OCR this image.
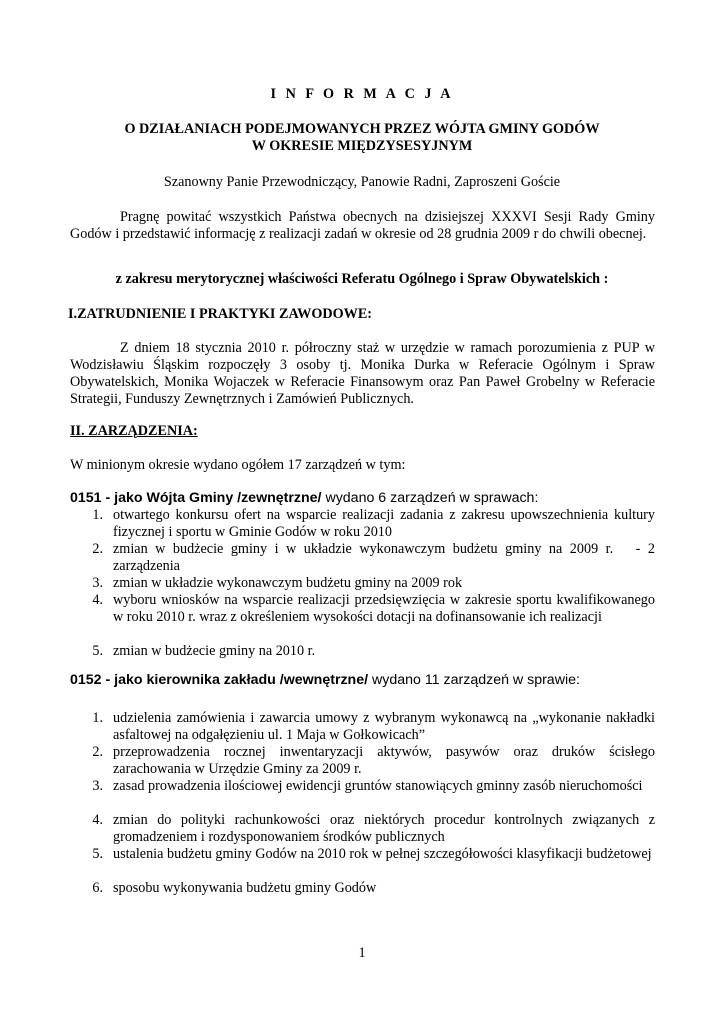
I N F O R M A C J A
O DZIAŁANIACH PODEJMOWANYCH PRZEZ WÓJTA GMINY GODÓW
W OKRESIE MIĘDZYSESYJNYM
Szanowny Panie Przewodniczący, Panowie Radni, Zaproszeni Goście
Pragnę powitać wszystkich Państwa obecnych na dzisiejszej XXXVI Sesji Rady Gminy Godów i przedstawić informację z realizacji zadań w okresie od 28 grudnia 2009 r do chwili obecnej.
z zakresu merytorycznej właściwości Referatu Ogólnego i Spraw Obywatelskich :
I.ZATRUDNIENIE I PRAKTYKI ZAWODOWE:
Z dniem 18 stycznia 2010 r. półroczny staż w urzędzie w ramach porozumienia z PUP w Wodzisławiu Śląskim rozpoczęły 3 osoby tj. Monika Durka w Referacie Ogólnym i Spraw Obywatelskich, Monika Wojaczek w Referacie Finansowym oraz Pan Paweł Grobelny w Referacie Strategii, Funduszy Zewnętrznych i Zamówień Publicznych.
II. ZARZĄDZENIA:
W minionym okresie wydano ogółem 17 zarządzeń w tym:
0151 - jako Wójta Gminy /zewnętrzne/ wydano 6 zarządzeń w sprawach:
1. otwartego konkursu ofert na wsparcie realizacji zadania z zakresu upowszechnienia kultury fizycznej i sportu w Gminie Godów w roku 2010
2. zmian w budżecie gminy i w układzie wykonawczym budżetu gminy na 2009 r.   - 2 zarządzenia
3. zmian w układzie wykonawczym budżetu gminy na 2009 rok
4. wyboru wniosków na wsparcie realizacji przedsięwzięcia w zakresie sportu kwalifikowanego w roku 2010 r. wraz z określeniem wysokości dotacji na dofinansowanie ich realizacji
5. zmian w budżecie gminy na 2010 r.
0152 - jako kierownika zakładu /wewnętrzne/ wydano 11 zarządzeń w sprawie:
1. udzielenia zamówienia i zawarcia umowy z wybranym wykonawcą na „wykonanie nakładki asfaltowej na odgałęzieniu ul. 1 Maja w Gołkowicach”
2. przeprowadzenia rocznej inwentaryzacji aktywów, pasywów oraz druków ścisłego zarachowania w Urzędzie Gminy za 2009 r.
3. zasad prowadzenia ilościowej ewidencji gruntów stanowiących gminny zasób nieruchomości
4. zmian do polityki rachunkowości oraz niektórych procedur kontrolnych związanych z gromadzeniem i rozdysponowaniem środków publicznych
5. ustalenia budżetu gminy Godów na 2010 rok w pełnej szczegółowości klasyfikacji budżetowej
6. sposobu wykonywania budżetu gminy Godów
1
